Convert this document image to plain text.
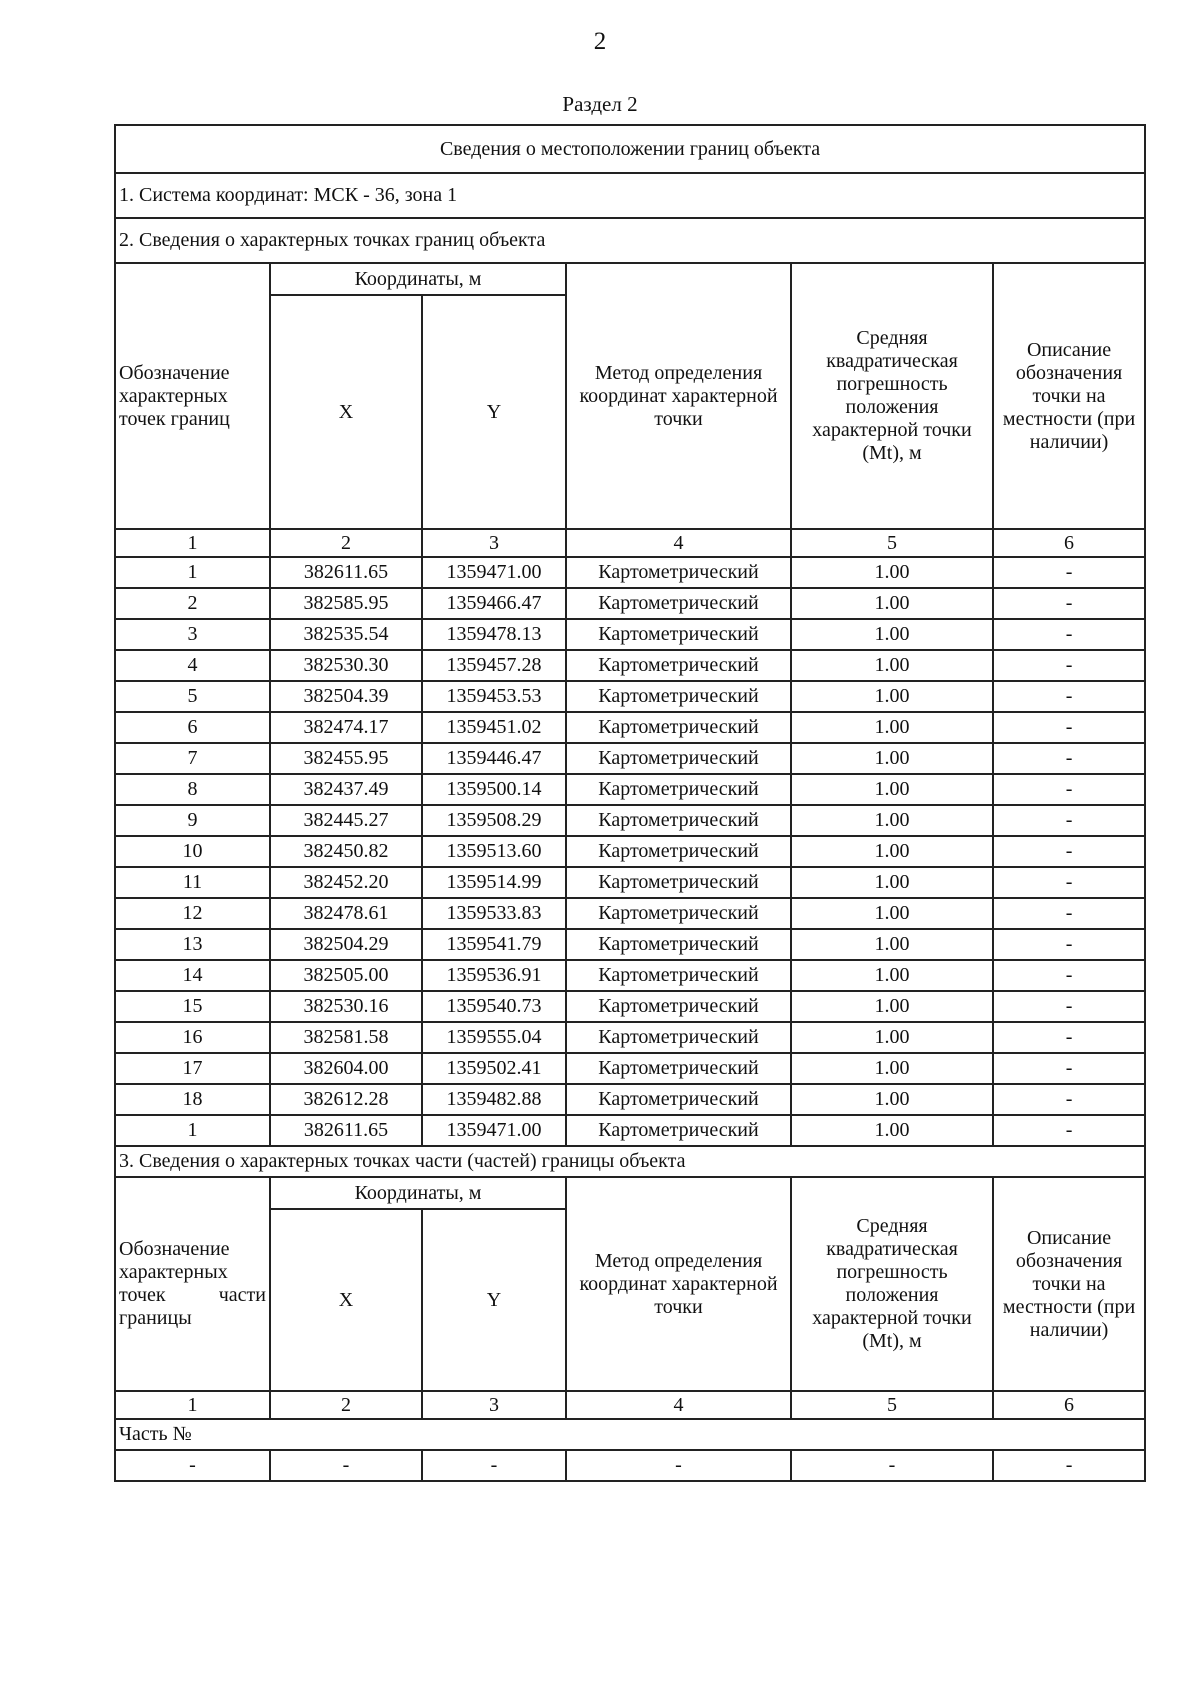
2
Раздел 2
Сведения о местоположении границ объекта					
1. Система координат: МСК - 36, зона 1					
2. Сведения о характерных точках границ объекта					
Обозначение характерных точек границ	Координаты, м		Метод определения координат характерной точки	Средняя квадратическая погрешность положения характерной точки (Mt), м	Описание обозначения точки на местности (при наличии)
	X	Y			
1	2	3	4	5	6
1	382611.65	1359471.00	Картометрический	1.00	-
2	382585.95	1359466.47	Картометрический	1.00	-
3	382535.54	1359478.13	Картометрический	1.00	-
4	382530.30	1359457.28	Картометрический	1.00	-
5	382504.39	1359453.53	Картометрический	1.00	-
6	382474.17	1359451.02	Картометрический	1.00	-
7	382455.95	1359446.47	Картометрический	1.00	-
8	382437.49	1359500.14	Картометрический	1.00	-
9	382445.27	1359508.29	Картометрический	1.00	-
10	382450.82	1359513.60	Картометрический	1.00	-
11	382452.20	1359514.99	Картометрический	1.00	-
12	382478.61	1359533.83	Картометрический	1.00	-
13	382504.29	1359541.79	Картометрический	1.00	-
14	382505.00	1359536.91	Картометрический	1.00	-
15	382530.16	1359540.73	Картометрический	1.00	-
16	382581.58	1359555.04	Картометрический	1.00	-
17	382604.00	1359502.41	Картометрический	1.00	-
18	382612.28	1359482.88	Картометрический	1.00	-
1	382611.65	1359471.00	Картометрический	1.00	-
3. Сведения о характерных точках части (частей) границы объекта					
Обозначение характерных точек части границы	Координаты, м		Метод определения координат характерной точки	Средняя квадратическая погрешность положения характерной точки (Mt), м	Описание обозначения точки на местности (при наличии)
	X	Y			
1	2	3	4	5	6
Часть №					
-	-	-	-	-	-
